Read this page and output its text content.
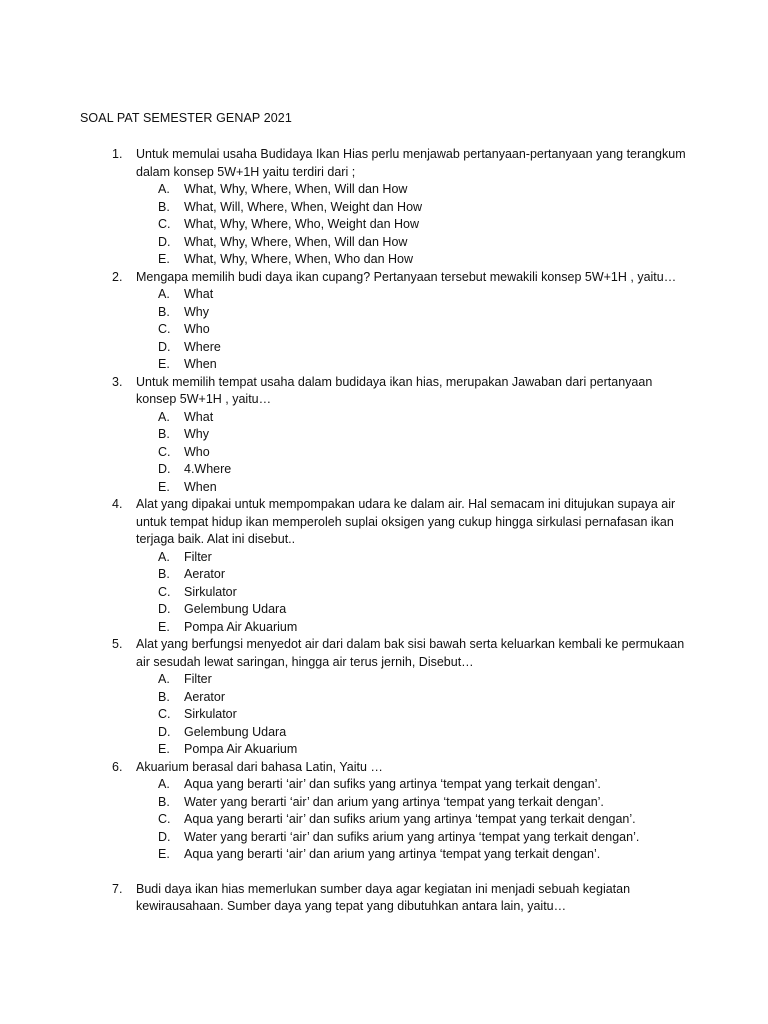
SOAL PAT SEMESTER GENAP 2021
1. Untuk memulai usaha Budidaya Ikan Hias perlu menjawab pertanyaan-pertanyaan yang terangkum dalam konsep 5W+1H yaitu terdiri dari ;
A. What, Why, Where, When, Will dan How
B. What, Will, Where, When, Weight dan How
C. What, Why, Where, Who, Weight dan How
D. What, Why, Where, When, Will dan How
E. What, Why, Where, When, Who dan How
2. Mengapa memilih budi daya ikan cupang? Pertanyaan tersebut mewakili konsep 5W+1H , yaitu…
A. What
B. Why
C. Who
D. Where
E. When
3. Untuk memilih tempat usaha dalam budidaya ikan hias, merupakan Jawaban dari pertanyaan konsep 5W+1H , yaitu…
A. What
B. Why
C. Who
D. 4.Where
E. When
4. Alat yang dipakai untuk mempompakan udara ke dalam air. Hal semacam ini ditujukan supaya air untuk tempat hidup ikan memperoleh suplai oksigen yang cukup hingga sirkulasi pernafasan ikan terjaga baik. Alat ini disebut..
A. Filter
B. Aerator
C. Sirkulator
D. Gelembung Udara
E. Pompa Air Akuarium
5. Alat yang berfungsi menyedot air dari dalam bak sisi bawah serta keluarkan kembali ke permukaan air sesudah lewat saringan, hingga air terus jernih, Disebut…
A. Filter
B. Aerator
C. Sirkulator
D. Gelembung Udara
E. Pompa Air Akuarium
6. Akuarium berasal dari bahasa Latin, Yaitu …
A. Aqua yang berarti ‘air’ dan sufiks yang artinya ‘tempat yang terkait dengan’.
B. Water yang berarti ‘air’ dan arium yang artinya ‘tempat yang terkait dengan’.
C. Aqua yang berarti ‘air’ dan sufiks arium yang artinya ‘tempat yang terkait dengan’.
D. Water yang berarti ‘air’ dan sufiks arium yang artinya ‘tempat yang terkait dengan’.
E. Aqua yang berarti ‘air’ dan arium yang artinya ‘tempat yang terkait dengan’.
7. Budi daya ikan hias memerlukan sumber daya agar kegiatan ini menjadi sebuah kegiatan kewirausahaan. Sumber daya yang tepat yang dibutuhkan antara lain, yaitu…
